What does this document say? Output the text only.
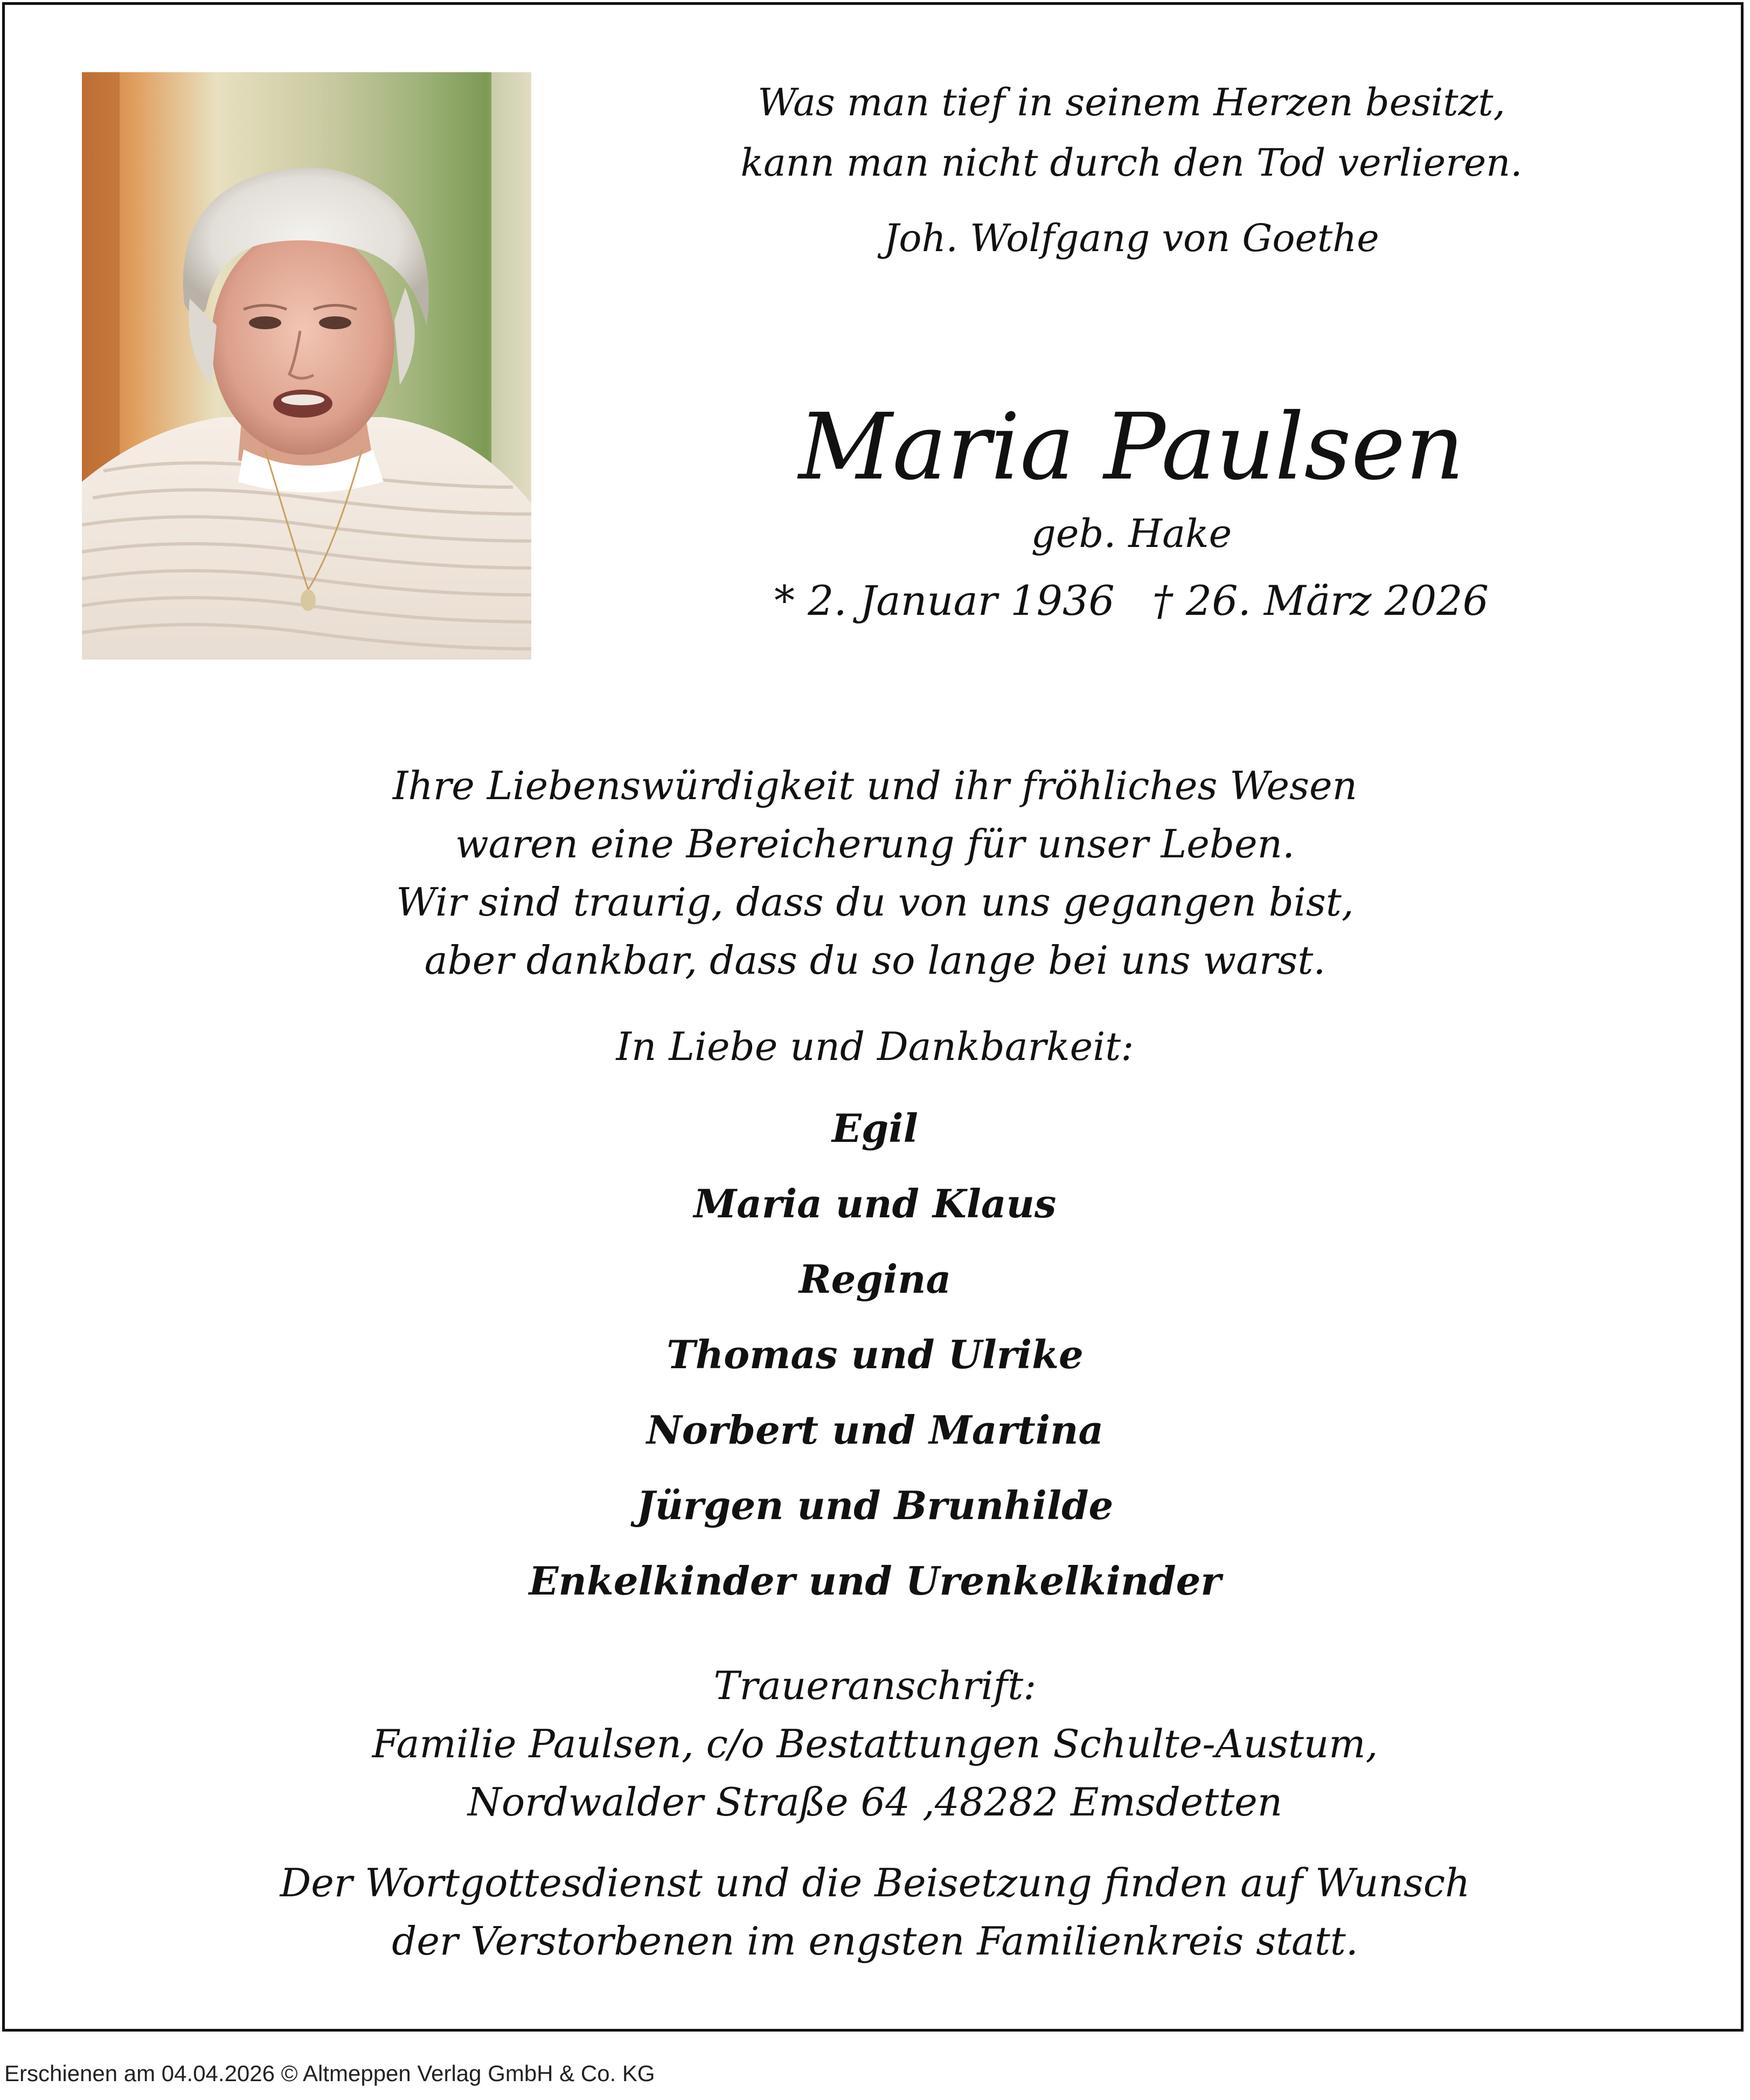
Was man tief in seinem Herzen besitzt,
kann man nicht durch den Tod verlieren.
Joh. Wolfgang von Goethe
Maria Paulsen
geb. Hake
* 2. Januar 1936 † 26. März 2026
Ihre Liebenswürdigkeit und ihr fröhliches Wesen
waren eine Bereicherung für unser Leben.
Wir sind traurig, dass du von uns gegangen bist,
aber dankbar, dass du so lange bei uns warst.
In Liebe und Dankbarkeit:
Egil
Maria und Klaus
Regina
Thomas und Ulrike
Norbert und Martina
Jürgen und Brunhilde
Enkelkinder und Urenkelkinder
Traueranschrift:
Familie Paulsen, c/o Bestattungen Schulte-Austum,
Nordwalder Straße 64 ,48282 Emsdetten
Der Wortgottesdienst und die Beisetzung finden auf Wunsch
der Verstorbenen im engsten Familienkreis statt.
Erschienen am 04.04.2026 © Altmeppen Verlag GmbH & Co. KG
